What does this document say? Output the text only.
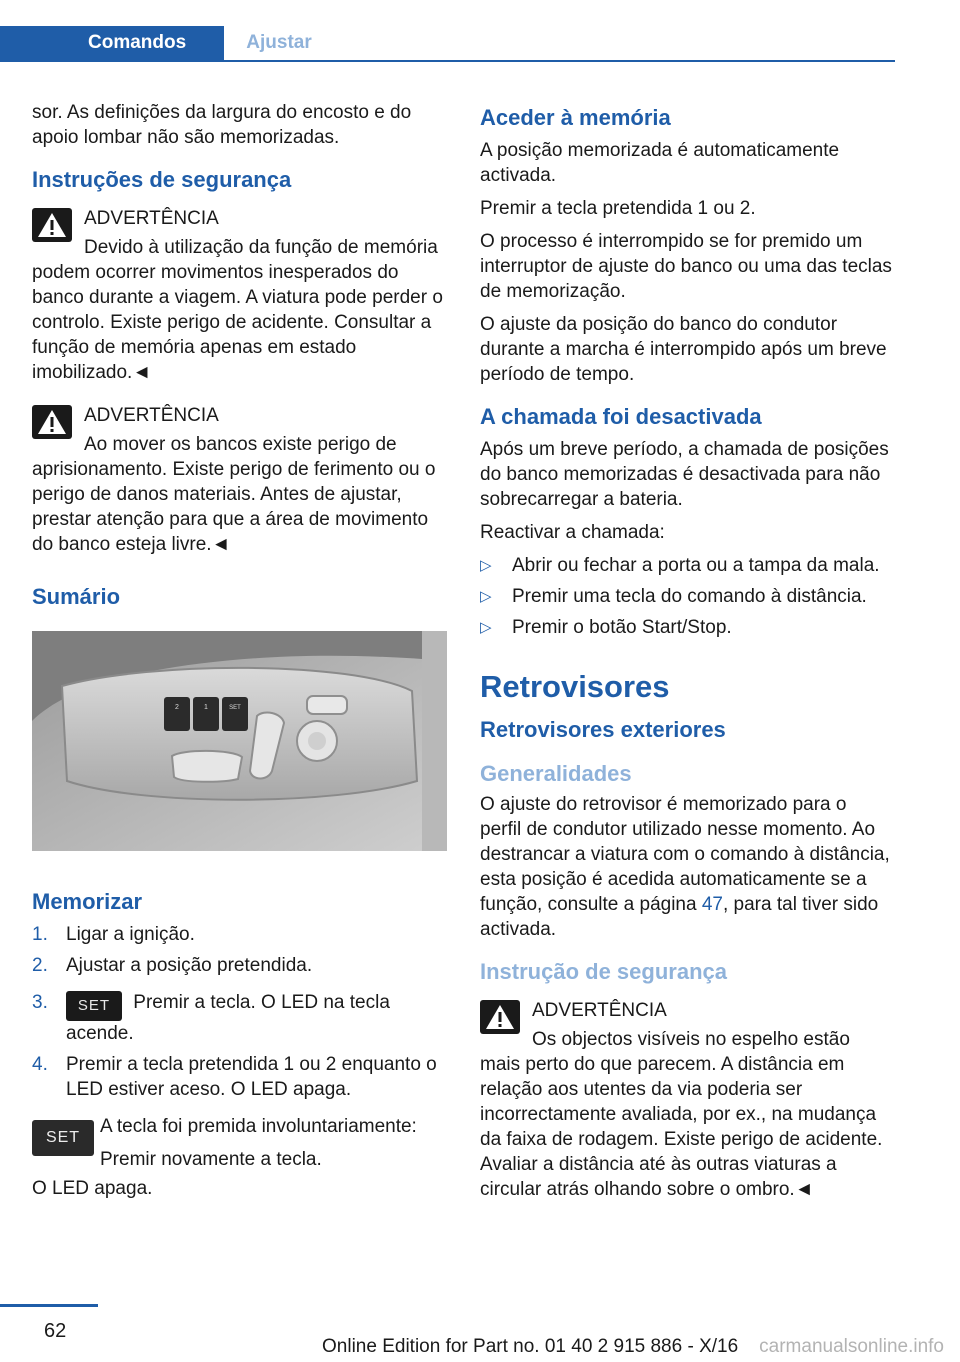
Comandos	Ajustar

sor. As definições da largura do encosto e do apoio lombar não são memorizadas.

Instruções de segurança
ADVERTÊNCIA
Devido à utilização da função de memória podem ocorrer movimentos inesperados do banco durante a viagem. A viatura pode perder o controlo. Existe perigo de acidente. Consultar a função de memória apenas em estado imobilizado.◄
ADVERTÊNCIA
Ao mover os bancos existe perigo de aprisionamento. Existe perigo de ferimento ou o perigo de danos materiais. Antes de ajustar, prestar atenção para que a área de movimento do banco esteja livre.◄
Sumário
2	1	SET
Memorizar
1. Ligar a ignição.
2. Ajustar a posição pretendida.
3. SET Premir a tecla. O LED na tecla acende.
4. Premir a tecla pretendida 1 ou 2 enquanto o LED estiver aceso. O LED apaga.
SET
A tecla foi premida involuntariamente:
Premir novamente a tecla.

O LED apaga.

Aceder à memória

A posição memorizada é automaticamente activada.

Premir a tecla pretendida 1 ou 2.

O processo é interrompido se for premido um interruptor de ajuste do banco ou uma das teclas de memorização.

O ajuste da posição do banco do condutor durante a marcha é interrompido após um breve período de tempo.

A chamada foi desactivada

Após um breve período, a chamada de posições do banco memorizadas é desactivada para não sobrecarregar a bateria.

Reactivar a chamada:

▷ Abrir ou fechar a porta ou a tampa da mala.
▷ Premir uma tecla do comando à distância.
▷ Premir o botão Start/Stop.
Retrovisores
Retrovisores exteriores
Generalidades

O ajuste do retrovisor é memorizado para o perfil de condutor utilizado nesse momento. Ao destrancar a viatura com o comando à distância, esta posição é acedida automaticamente se a função, consulte a página 47, para tal tiver sido activada.

Instrução de segurança
ADVERTÊNCIA
Os objectos visíveis no espelho estão mais perto do que parecem. A distância em relação aos utentes da via poderia ser incorrectamente avaliada, por ex., na mudança da faixa de rodagem. Existe perigo de acidente. Avaliar a distância até às outras viaturas a circular atrás olhando sobre o ombro.◄
62
Online Edition for Part no. 01 40 2 915 886 - X/16 carmanualsonline.info
